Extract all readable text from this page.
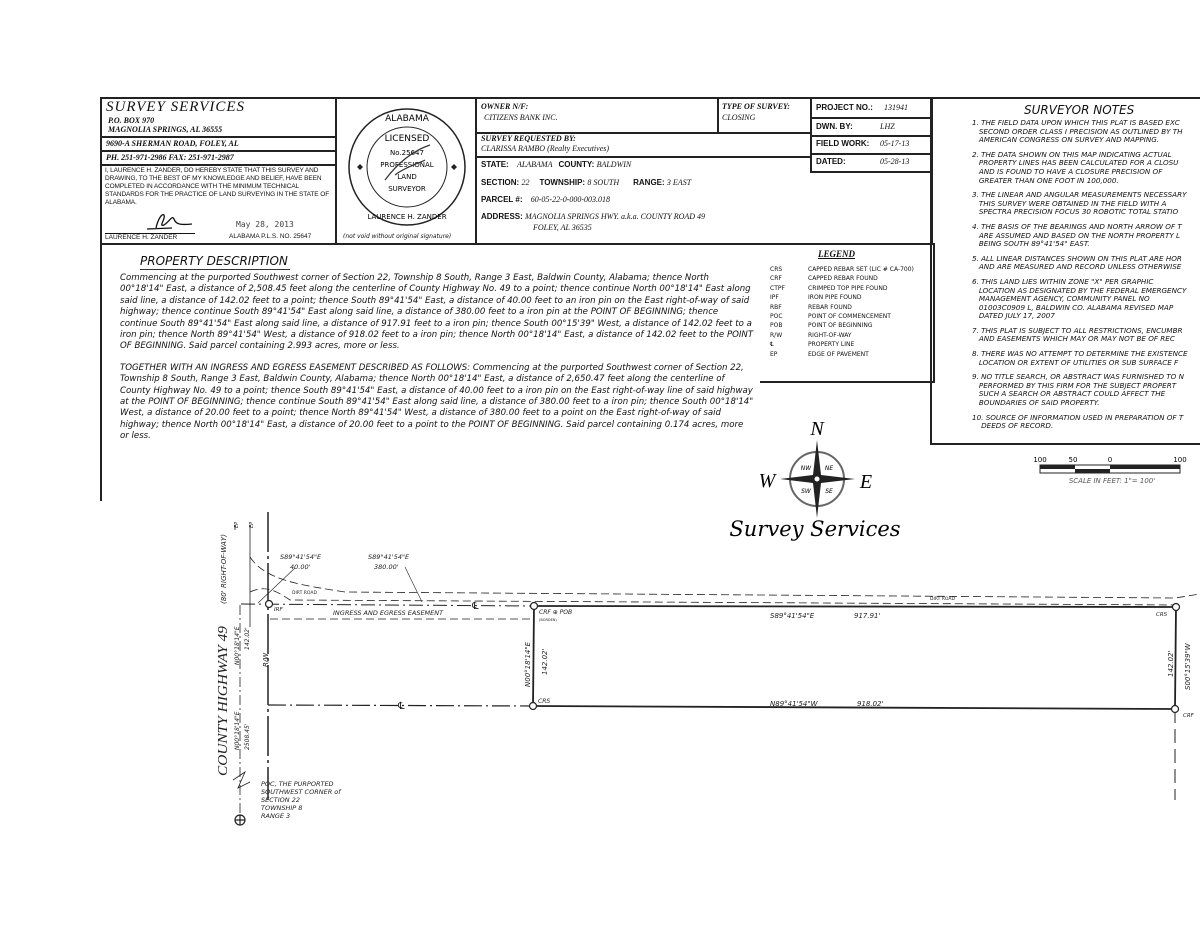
SURVEY SERVICES
P.O. BOX 970
MAGNOLIA SPRINGS, AL 36555
9690-A SHERMAN ROAD, FOLEY, AL
PH. 251-971-2986 FAX: 251-971-2987
I, LAURENCE H. ZANDER, DO HEREBY STATE THAT THIS SURVEY AND DRAWING, TO THE BEST OF MY KNOWLEDGE AND BELIEF, HAVE BEEN COMPLETED IN ACCORDANCE WITH THE MINIMUM TECHNICAL STANDARDS FOR THE PRACTICE OF LAND SURVEYING IN THE STATE OF ALABAMA.
May 28, 2013
LAURENCE H. ZANDER	ALABAMA P.L.S. NO. 25647
ALABAMA
LICENSED
No.25647
PROFESSIONAL
LAND
SURVEYOR
LAURENCE H. ZANDER
(not void without original signature)
OWNER N/F:
CITIZENS BANK INC.
TYPE OF SURVEY:
CLOSING
SURVEY REQUESTED BY:
CLARISSA RAMBO (Realty Executives)
PROJECT NO.: 131941
DWN. BY:	LHZ
FIELD WORK: 05-17-13
DATED:	05-28-13
STATE: ALABAMA COUNTY: BALDWIN
SECTION: 22 TOWNSHIP: 8 SOUTH RANGE: 3 EAST
PARCEL #: 60-05-22-0-000-003.018
ADDRESS: MAGNOLIA SPRINGS HWY. a.k.a. COUNTY ROAD 49
FOLEY, AL 36535
SURVEYOR NOTES
1. THE FIELD DATA UPON WHICH THIS PLAT IS BASED EXC
SECOND ORDER CLASS I PRECISION AS OUTLINED BY TH
AMERICAN CONGRESS ON SURVEY AND MAPPING.
2. THE DATA SHOWN ON THIS MAP INDICATING ACTUAL
PROPERTY LINES HAS BEEN CALCULATED FOR A CLOSU
AND IS FOUND TO HAVE A CLOSURE PRECISION OF
GREATER THAN ONE FOOT IN 100,000.
3. THE LINEAR AND ANGULAR MEASUREMENTS NECESSARY
THIS SURVEY WERE OBTAINED IN THE FIELD WITH A
SPECTRA PRECISION FOCUS 30 ROBOTIC TOTAL STATIO
4. THE BASIS OF THE BEARINGS AND NORTH ARROW OF T
ARE ASSUMED AND BASED ON THE NORTH PROPERTY L
BEING SOUTH 89°41'54" EAST.
5. ALL LINEAR DISTANCES SHOWN ON THIS PLAT ARE HOR
AND ARE MEASURED AND RECORD UNLESS OTHERWISE
6. THIS LAND LIES WITHIN ZONE "X" PER GRAPHIC
LOCATION AS DESIGNATED BY THE FEDERAL EMERGENCY
MANAGEMENT AGENCY, COMMUNITY PANEL NO
01003C0909 L, BALDWIN CO. ALABAMA REVISED MAP
DATED JULY 17, 2007
7. THIS PLAT IS SUBJECT TO ALL RESTRICTIONS, ENCUMBR
AND EASEMENTS WHICH MAY OR MAY NOT BE OF REC
8. THERE WAS NO ATTEMPT TO DETERMINE THE EXISTENCE
LOCATION OR EXTENT OF UTILITIES OR SUB SURFACE F
9. NO TITLE SEARCH, OR ABSTRACT WAS FURNISHED TO N
PERFORMED BY THIS FIRM FOR THE SUBJECT PROPERT
SUCH A SEARCH OR ABSTRACT COULD AFFECT THE
BOUNDARIES OF SAID PROPERTY.
10. SOURCE OF INFORMATION USED IN PREPARATION OF T
DEEDS OF RECORD.
PROPERTY DESCRIPTION

Commencing at the purported Southwest corner of Section 22, Township 8 South, Range 3 East, Baldwin County, Alabama; thence North 00°18'14" East, a distance of 2,508.45 feet along the centerline of County Highway No. 49 to a point; thence continue North 00°18'14" East along said line, a distance of 142.02 feet to a point; thence South 89°41'54" East, a distance of 40.00 feet to an iron pin on the East right-of-way of said highway; thence continue South 89°41'54" East along said line, a distance of 380.00 feet to a iron pin at the POINT OF BEGINNING; thence continue South 89°41'54" East along said line, a distance of 917.91 feet to a iron pin; thence South 00°15'39" West, a distance of 142.02 feet to a iron pin; thence North 89°41'54" West, a distance of 918.02 feet to a iron pin; thence North 00°18'14" East, a distance of 142.02 feet to the POINT OF BEGINNING. Said parcel containing 2.993 acres, more or less.

TOGETHER WITH AN INGRESS AND EGRESS EASEMENT DESCRIBED AS FOLLOWS: Commencing at the purported Southwest corner of Section 22, Township 8 South, Range 3 East, Baldwin County, Alabama; thence North 00°18'14" East, a distance of 2,650.47 feet along the centerline of County Highway No. 49 to a point; thence South 89°41'54" East, a distance of 40.00 feet to a iron pin on the East right-of-way line of said highway at the POINT OF BEGINNING; thence continue South 89°41'54" East along said line, a distance of 380.00 feet to a iron pin; thence South 00°18'14" West, a distance of 20.00 feet to a point; thence North 89°41'54" West, a distance of 380.00 feet to a point on the East right-of-way of said highway; thence North 00°18'14" East, a distance of 20.00 feet to a point to the POINT OF BEGINNING. Said parcel containing 0.174 acres, more or less.

LEGEND
CRS	CAPPED REBAR SET (LIC # CA-700)
CRF	CAPPED REBAR FOUND
CTPF	CRIMPED TOP PIPE FOUND
IPF	IRON PIPE FOUND
RBF	REBAR FOUND
POC	POINT OF COMMENCEMENT
POB	POINT OF BEGINNING
R/W	RIGHT-OF-WAY
℄	PROPERTY LINE
EP	EDGE OF PAVEMENT
N
W	E
NW NE
SW SE
Survey Services
100	50	0	100
SCALE IN FEET: 1"= 100'
COUNTY HIGHWAY 49
(80' RIGHT-OF-WAY)
EP EP
R/W
N00°18'14"E 142.02'
N00°18'14"E 2508.45'
S89°41'54"E
40.00'
S89°41'54"E
380.00'
DIRT ROAD
DIRT ROAD
INGRESS AND EGRESS EASEMENT
IRF	℄
℄
CRF ⊕ POB
(BORDEN)
CRS
N00°18'14"E 142.02'
S89°41'54"E	917.91'
N89°41'54"W	918.02'
CRS
142.02' S00°15'39"W
CRF
POC, THE PURPORTED
SOUTHWEST CORNER of
SECTION 22
TOWNSHIP 8
RANGE 3
